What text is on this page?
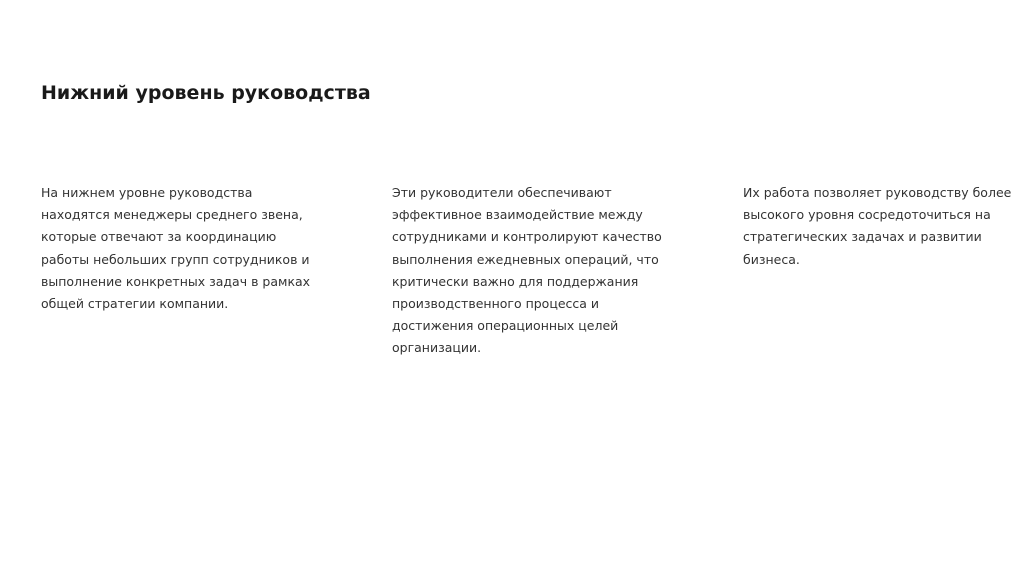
Нижний уровень руководства
На нижнем уровне руководства
находятся менеджеры среднего звена,
которые отвечают за координацию
работы небольших групп сотрудников и
выполнение конкретных задач в рамках
общей стратегии компании.
Эти руководители обеспечивают
эффективное взаимодействие между
сотрудниками и контролируют качество
выполнения ежедневных операций, что
критически важно для поддержания
производственного процесса и
достижения операционных целей
организации.
Их работа позволяет руководству более
высокого уровня сосредоточиться на
стратегических задачах и развитии
бизнеса.
